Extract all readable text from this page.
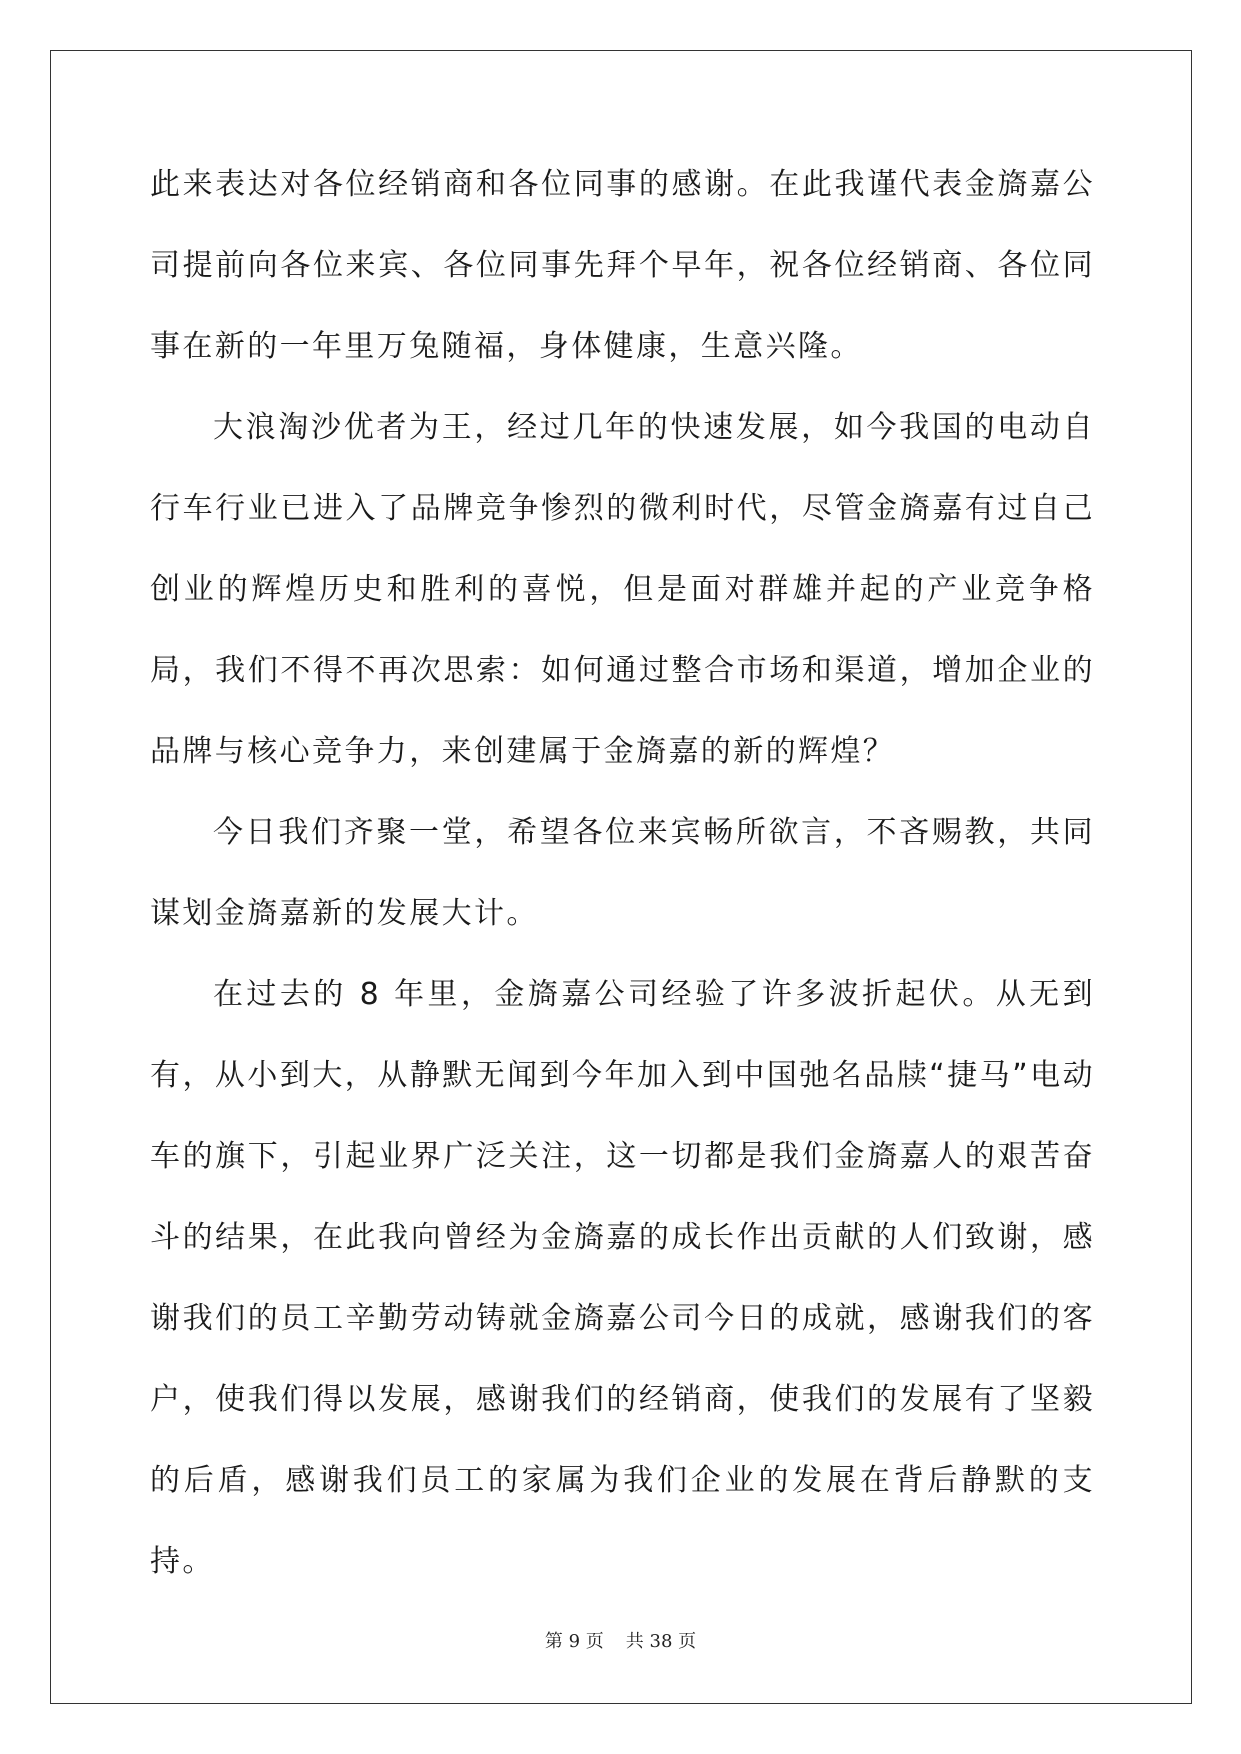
此来表达对各位经销商和各位同事的感谢。在此我谨代表金旖嘉公司提前向各位来宾、各位同事先拜个早年，祝各位经销商、各位同事在新的一年里万兔随福，身体健康，生意兴隆。

大浪淘沙优者为王，经过几年的快速发展，如今我国的电动自行车行业已进入了品牌竞争惨烈的微利时代，尽管金旖嘉有过自己创业的辉煌历史和胜利的喜悦，但是面对群雄并起的产业竞争格局，我们不得不再次思索：如何通过整合市场和渠道，增加企业的品牌与核心竞争力，来创建属于金旖嘉的新的辉煌？

今日我们齐聚一堂，希望各位来宾畅所欲言，不吝赐教，共同谋划金旖嘉新的发展大计。

在过去的 8 年里，金旖嘉公司经验了许多波折起伏。从无到有，从小到大，从静默无闻到今年加入到中国弛名品牍“捷马”电动车的旗下，引起业界广泛关注，这一切都是我们金旖嘉人的艰苦奋斗的结果，在此我向曾经为金旖嘉的成长作出贡献的人们致谢，感谢我们的员工辛勤劳动铸就金旖嘉公司今日的成就，感谢我们的客户，使我们得以发展，感谢我们的经销商，使我们的发展有了坚毅的后盾，感谢我们员工的家属为我们企业的发展在背后静默的支持。

第 9 页 共 38 页
